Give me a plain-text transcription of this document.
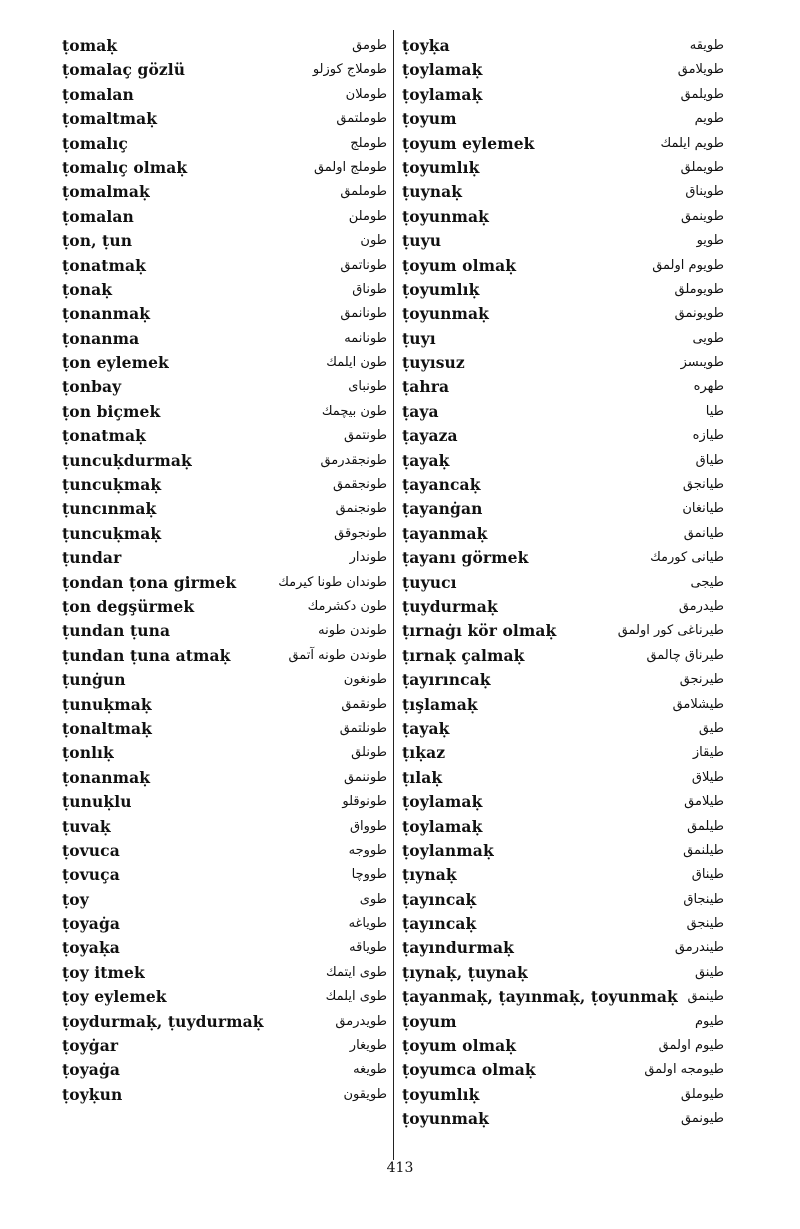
ṭomaḳ	طومق
ṭomalaç gözlü	طوملاج كوزلو
ṭomalan	طوملان
ṭomaltmaḳ	طوملتمق
ṭomalıç	طوملج
ṭomalıç olmaḳ	طوملج اولمق
ṭomalmaḳ	طوملمق
ṭomalan	طوملن
ṭon, ṭun	طون
ṭonatmaḳ	طوناتمق
ṭonaḳ	طوناق
ṭonanmaḳ	طونانمق
ṭonanma	طونانمه
ṭon eylemek	طون ايلمك
ṭonbay	طونباى
ṭon biçmek	طون بيچمك
ṭonatmaḳ	طونتمق
ṭuncuḳdurmaḳ	طونجقدرمق
ṭuncuḳmaḳ	طونجقمق
ṭuncınmaḳ	طونجنمق
ṭuncuḳmaḳ	طونجوقق
ṭundar	طوندار
ṭondan ṭona girmek	طوندان طونا كيرمك
ṭon degşürmek	طون دكشرمك
ṭundan ṭuna	طوندن طونه
ṭundan ṭuna atmaḳ	طوندن طونه آتمق
ṭunġun	طونغون
ṭunuḳmaḳ	طونقمق
ṭonaltmaḳ	طونلتمق
ṭonlıḳ	طونلق
ṭonanmaḳ	طوننمق
ṭunuḳlu	طونوقلو
ṭuvaḳ	طوواق
ṭovuca	طووجه
ṭovuça	طووچا
ṭoy	طوى
ṭoyaġa	طوياغه
ṭoyaḳa	طوياقه
ṭoy itmek	طوى ايتمك
ṭoy eylemek	طوى ايلمك
ṭoydurmaḳ, ṭuydurmaḳ	طويدرمق
ṭoyġar	طويغار
ṭoyaġa	طويغه
ṭoyḳun	طويقون
ṭoyḳa	طويقه
ṭoylamaḳ	طويلامق
ṭoylamaḳ	طويلمق
ṭoyum	طويم
ṭoyum eylemek	طويم ايلمك
ṭoyumlıḳ	طويملق
ṭuynaḳ	طويناق
ṭoyunmaḳ	طوينمق
ṭuyu	طويو
ṭoyum olmaḳ	طويوم اولمق
ṭoyumlıḳ	طويوملق
ṭoyunmaḳ	طويونمق
ṭuyı	طويى
ṭuyısuz	طويىسز
ṭahra	طهره
ṭaya	طيا
ṭayaza	طيازه
ṭayaḳ	طياق
ṭayancaḳ	طيانجق
ṭayanġan	طيانغان
ṭayanmaḳ	طيانمق
ṭayanı görmek	طيانى كورمك
ṭuyucı	طيجى
ṭuydurmaḳ	طيدرمق
ṭırnaġı kör olmaḳ	طيرناغى كور اولمق
ṭırnaḳ çalmaḳ	طيرناق چالمق
ṭayırıncaḳ	طيرنجق
ṭışlamaḳ	طيشلامق
ṭayaḳ	طيق
ṭıḳaz	طيقاز
ṭılaḳ	طيلاق
ṭoylamaḳ	طيلامق
ṭoylamaḳ	طيلمق
ṭoylanmaḳ	طيلنمق
ṭıynaḳ	طيناق
ṭayıncaḳ	طينجاق
ṭayıncaḳ	طينجق
ṭayındurmaḳ	طيندرمق
ṭıynaḳ, ṭuynaḳ	طينق
ṭayanmaḳ, ṭayınmaḳ, ṭoyunmaḳ طينمق
ṭoyum	طيوم
ṭoyum olmaḳ	طيوم اولمق
ṭoyumca olmaḳ	طيومجه اولمق
ṭoyumlıḳ	طيوملق
ṭoyunmaḳ	طيونمق
413
